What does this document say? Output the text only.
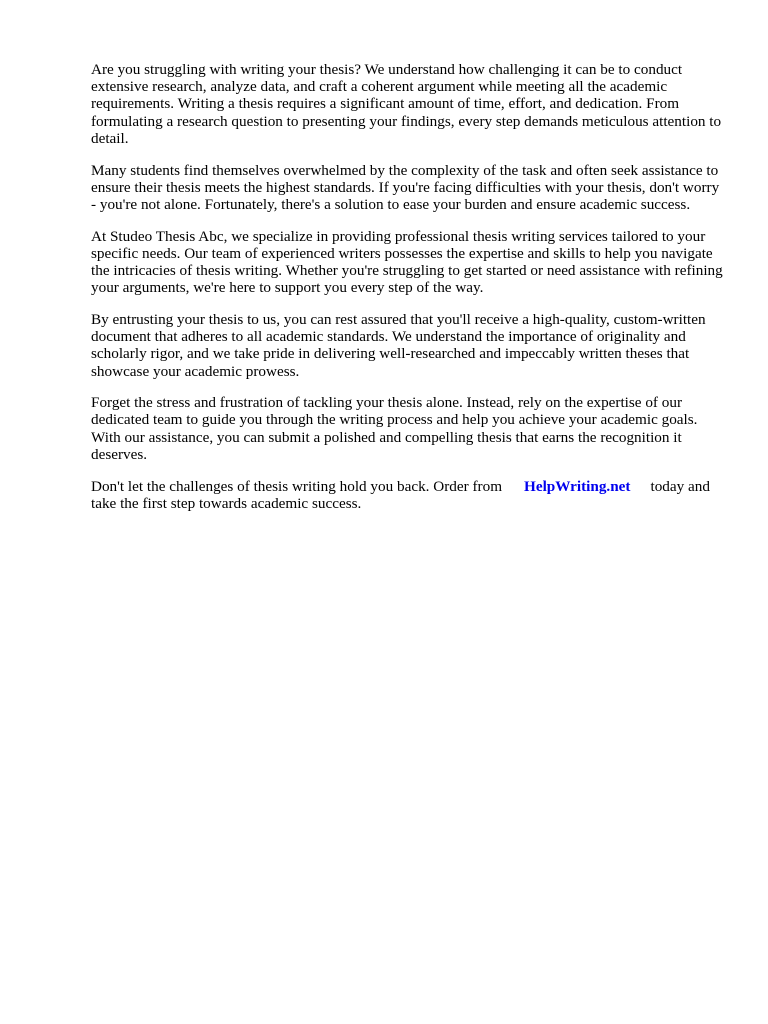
Are you struggling with writing your thesis? We understand how challenging it can be to conduct extensive research, analyze data, and craft a coherent argument while meeting all the academic requirements. Writing a thesis requires a significant amount of time, effort, and dedication. From formulating a research question to presenting your findings, every step demands meticulous attention to detail.

Many students find themselves overwhelmed by the complexity of the task and often seek assistance to ensure their thesis meets the highest standards. If you're facing difficulties with your thesis, don't worry - you're not alone. Fortunately, there's a solution to ease your burden and ensure academic success.

At Studeo Thesis Abc, we specialize in providing professional thesis writing services tailored to your specific needs. Our team of experienced writers possesses the expertise and skills to help you navigate the intricacies of thesis writing. Whether you're struggling to get started or need assistance with refining your arguments, we're here to support you every step of the way.

By entrusting your thesis to us, you can rest assured that you'll receive a high-quality, custom-written document that adheres to all academic standards. We understand the importance of originality and scholarly rigor, and we take pride in delivering well-researched and impeccably written theses that showcase your academic prowess.

Forget the stress and frustration of tackling your thesis alone. Instead, rely on the expertise of our dedicated team to guide you through the writing process and help you achieve your academic goals. With our assistance, you can submit a polished and compelling thesis that earns the recognition it deserves.

Don't let the challenges of thesis writing hold you back. Order from HelpWriting.net today and take the first step towards academic success.
